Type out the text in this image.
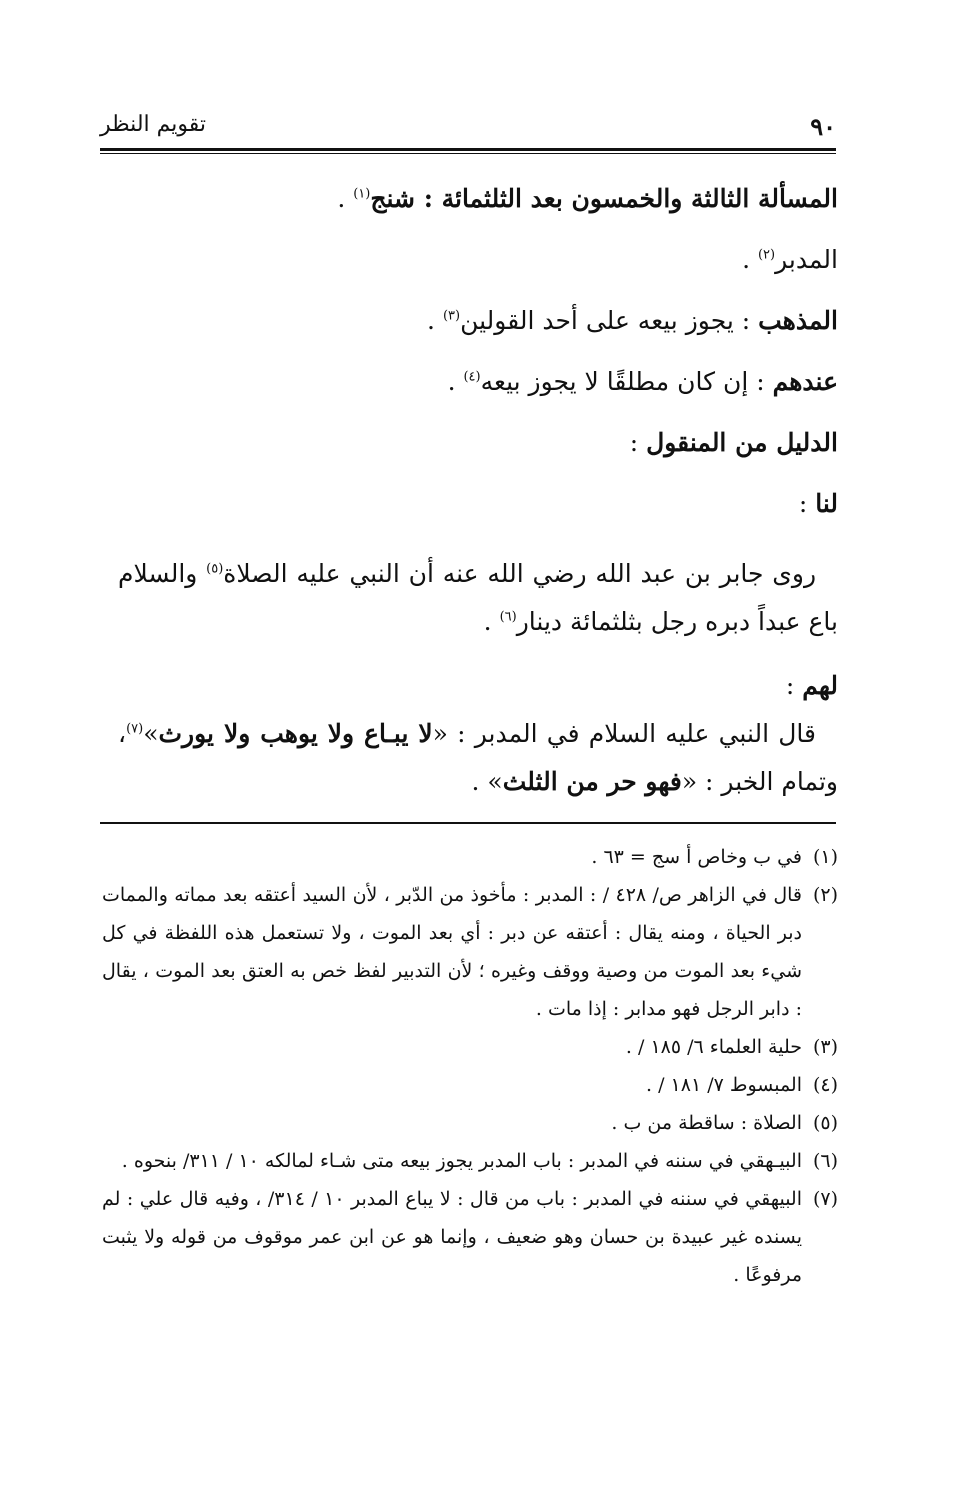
٩٠
تقويم النظر
المسألة الثالثة والخمسون بعد الثلثمائة : شنج$^{(١)}$ .
المدبر$^{(٢)}$ .
المذهب : يجوز بيعه على أحد القولين$^{(٣)}$ .
عندهم : إن كان مطلقًا لا يجوز بيعه$^{(٤)}$ .
الدليل من المنقول :
لنا :
روى جابر بن عبد الله رضي الله عنه أن النبي عليه الصلاة$^{(٥)}$ والسلام باع عبداً دبره رجل بثلثمائة دينار$^{(٦)}$ .
لهم :
قال النبي عليه السلام في المدبر : «لا يبـاع ولا يوهب ولا يورث»$^{(٧)}$، وتمام الخبر : «فهو حر من الثلث» .
(١)
في ب وخاص أ سج = ٦٣ .
(٢)
قال في الزاهر ص/ ٤٢٨ / : المدبر : مأخوذ من الدّبر ، لأن السيد أعتقه بعد مماته والممات دبر الحياة ، ومنه يقال : أعتقه عن دبر : أي بعد الموت ، ولا تستعمل هذه اللفظة في كل شيء بعد الموت من وصية ووقف وغيره ؛ لأن التدبير لفظ خص به العتق بعد الموت ، يقال : دابر الرجل فهو مدابر : إذا مات .
(٣)
حلية العلماء ٦/ ١٨٥ / .
(٤)
المبسوط ٧/ ١٨١ / .
(٥)
الصلاة : ساقطة من ب .
(٦)
البيـهقي في سننه في المدبر : باب المدبر يجوز بيعه متى شـاء لمالكه ١٠ / ٣١١/ بنحوه .
(٧)
البيهقي في سننه في المدبر : باب من قال : لا يباع المدبر ١٠ / ٣١٤/ ، وفيه قال علي : لم يسنده غير عبيدة بن حسان وهو ضعيف ، وإنما هو عن ابن عمر موقوف من قوله ولا يثبت مرفوعًا .
